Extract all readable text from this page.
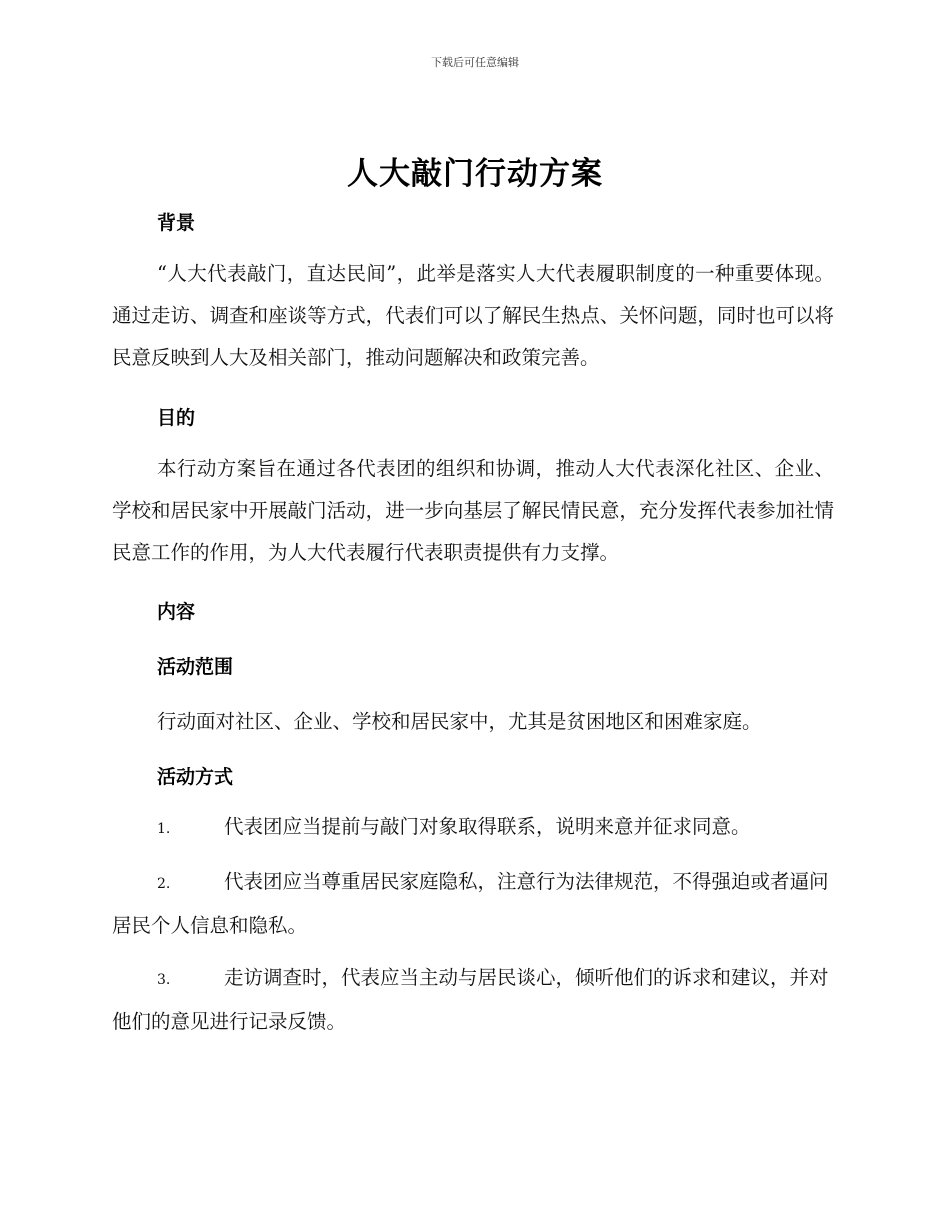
下载后可任意编辑
人大敲门行动方案
背景
“人大代表敲门，直达民间”，此举是落实人大代表履职制度的一种重要体现。通过走访、调查和座谈等方式，代表们可以了解民生热点、关怀问题，同时也可以将民意反映到人大及相关部门，推动问题解决和政策完善。
目的
本行动方案旨在通过各代表团的组织和协调，推动人大代表深化社区、企业、学校和居民家中开展敲门活动，进一步向基层了解民情民意，充分发挥代表参加社情民意工作的作用，为人大代表履行代表职责提供有力支撑。
内容
活动范围
行动面对社区、企业、学校和居民家中，尤其是贫困地区和困难家庭。
活动方式
1.	代表团应当提前与敲门对象取得联系，说明来意并征求同意。
2.	代表团应当尊重居民家庭隐私，注意行为法律规范，不得强迫或者逼问居民个人信息和隐私。
3.	走访调查时，代表应当主动与居民谈心，倾听他们的诉求和建议，并对他们的意见进行记录反馈。
